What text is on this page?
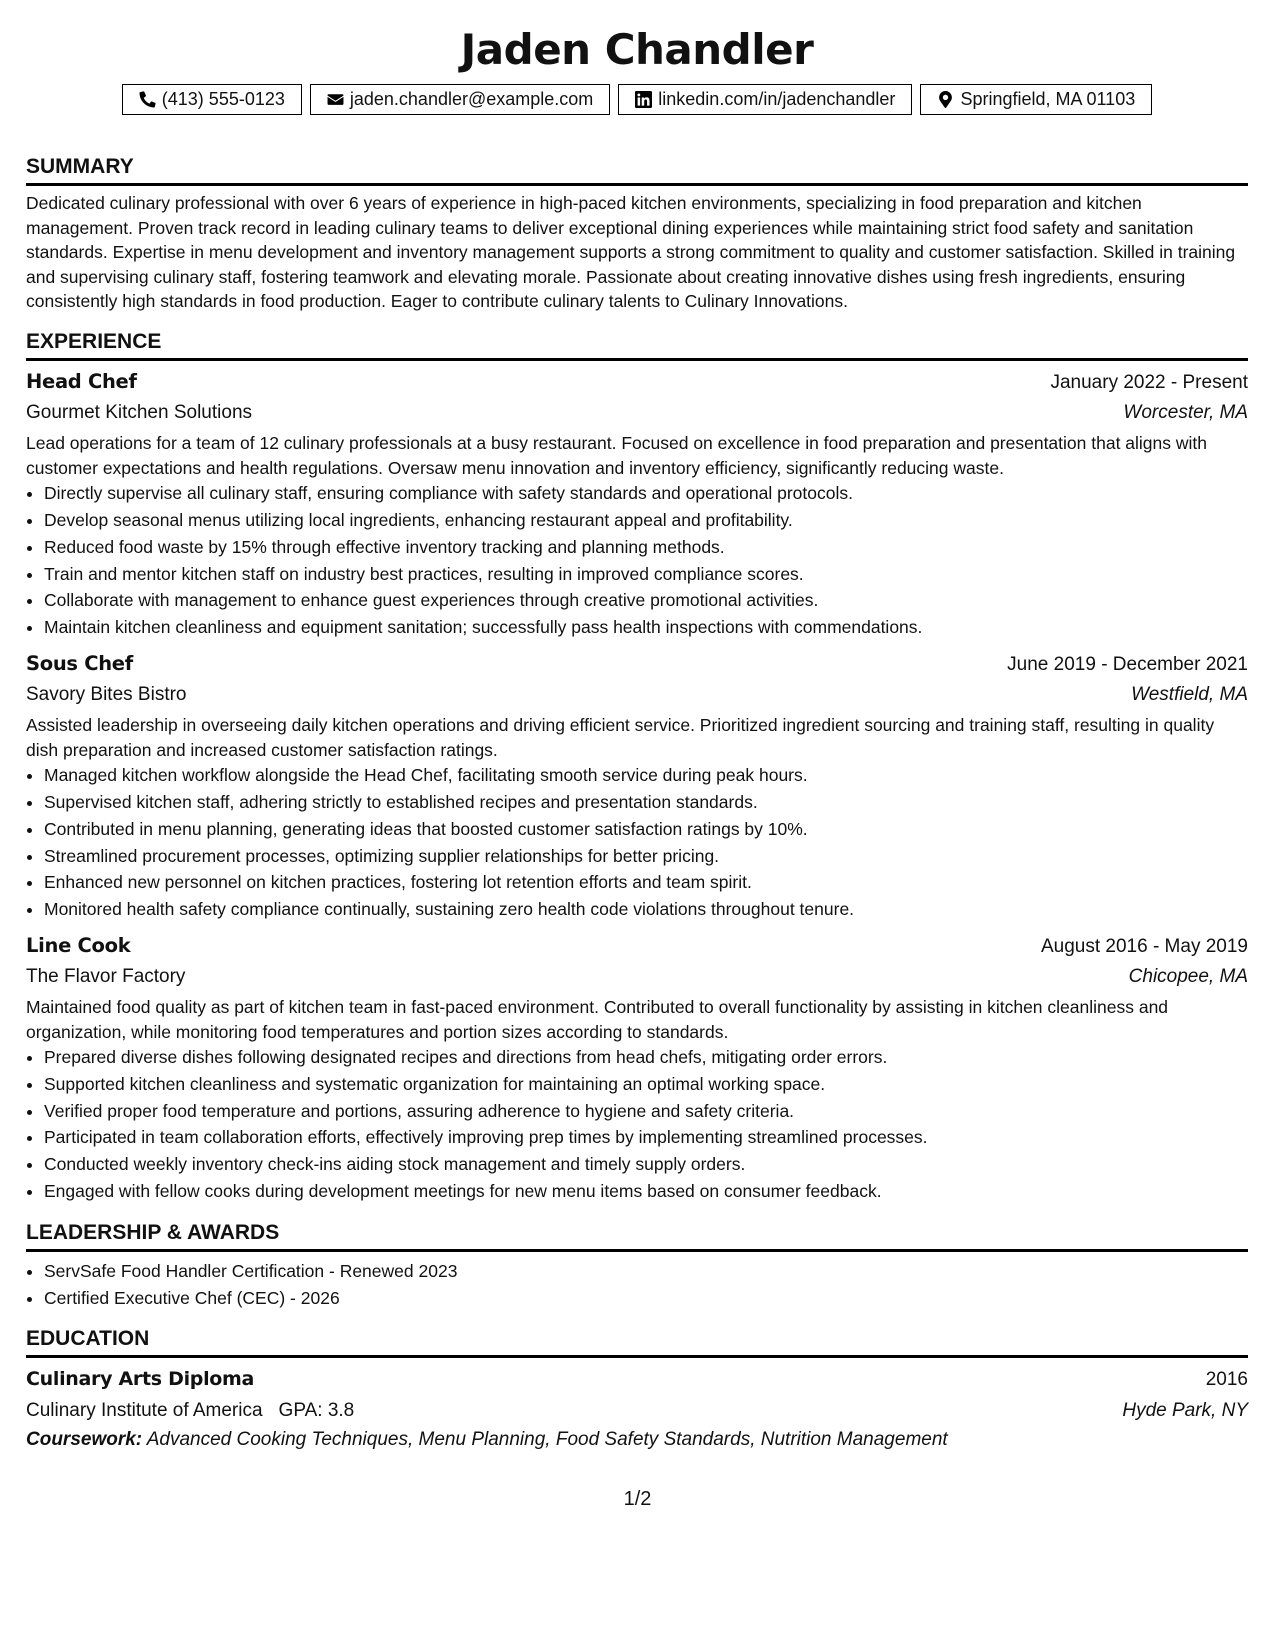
Jaden Chandler
(413) 555-0123	jaden.chandler@example.com	linkedin.com/in/jadenchandler	Springfield, MA 01103
SUMMARY

Dedicated culinary professional with over 6 years of experience in high-paced kitchen environments, specializing in food preparation and kitchen management. Proven track record in leading culinary teams to deliver exceptional dining experiences while maintaining strict food safety and sanitation standards. Expertise in menu development and inventory management supports a strong commitment to quality and customer satisfaction. Skilled in training and supervising culinary staff, fostering teamwork and elevating morale. Passionate about creating innovative dishes using fresh ingredients, ensuring consistently high standards in food production. Eager to contribute culinary talents to Culinary Innovations.

EXPERIENCE
Head Chef	January 2022 - Present
Gourmet Kitchen Solutions	Worcester, MA

Lead operations for a team of 12 culinary professionals at a busy restaurant. Focused on excellence in food preparation and presentation that aligns with customer expectations and health regulations. Oversaw menu innovation and inventory efficiency, significantly reducing waste.

• Directly supervise all culinary staff, ensuring compliance with safety standards and operational protocols.
• Develop seasonal menus utilizing local ingredients, enhancing restaurant appeal and profitability.
• Reduced food waste by 15% through effective inventory tracking and planning methods.
• Train and mentor kitchen staff on industry best practices, resulting in improved compliance scores.
• Collaborate with management to enhance guest experiences through creative promotional activities.
• Maintain kitchen cleanliness and equipment sanitation; successfully pass health inspections with commendations.
Sous Chef	June 2019 - December 2021
Savory Bites Bistro	Westfield, MA

Assisted leadership in overseeing daily kitchen operations and driving efficient service. Prioritized ingredient sourcing and training staff, resulting in quality dish preparation and increased customer satisfaction ratings.

• Managed kitchen workflow alongside the Head Chef, facilitating smooth service during peak hours.
• Supervised kitchen staff, adhering strictly to established recipes and presentation standards.
• Contributed in menu planning, generating ideas that boosted customer satisfaction ratings by 10%.
• Streamlined procurement processes, optimizing supplier relationships for better pricing.
• Enhanced new personnel on kitchen practices, fostering lot retention efforts and team spirit.
• Monitored health safety compliance continually, sustaining zero health code violations throughout tenure.
Line Cook	August 2016 - May 2019
The Flavor Factory	Chicopee, MA

Maintained food quality as part of kitchen team in fast-paced environment. Contributed to overall functionality by assisting in kitchen cleanliness and organization, while monitoring food temperatures and portion sizes according to standards.

• Prepared diverse dishes following designated recipes and directions from head chefs, mitigating order errors.
• Supported kitchen cleanliness and systematic organization for maintaining an optimal working space.
• Verified proper food temperature and portions, assuring adherence to hygiene and safety criteria.
• Participated in team collaboration efforts, effectively improving prep times by implementing streamlined processes.
• Conducted weekly inventory check-ins aiding stock management and timely supply orders.
• Engaged with fellow cooks during development meetings for new menu items based on consumer feedback.
LEADERSHIP & AWARDS
• ServSafe Food Handler Certification - Renewed 2023
• Certified Executive Chef (CEC) - 2026
EDUCATION
Culinary Arts Diploma	2016
Culinary Institute of America GPA: 3.8	Hyde Park, NY
Coursework: Advanced Cooking Techniques, Menu Planning, Food Safety Standards, Nutrition Management
1/2
